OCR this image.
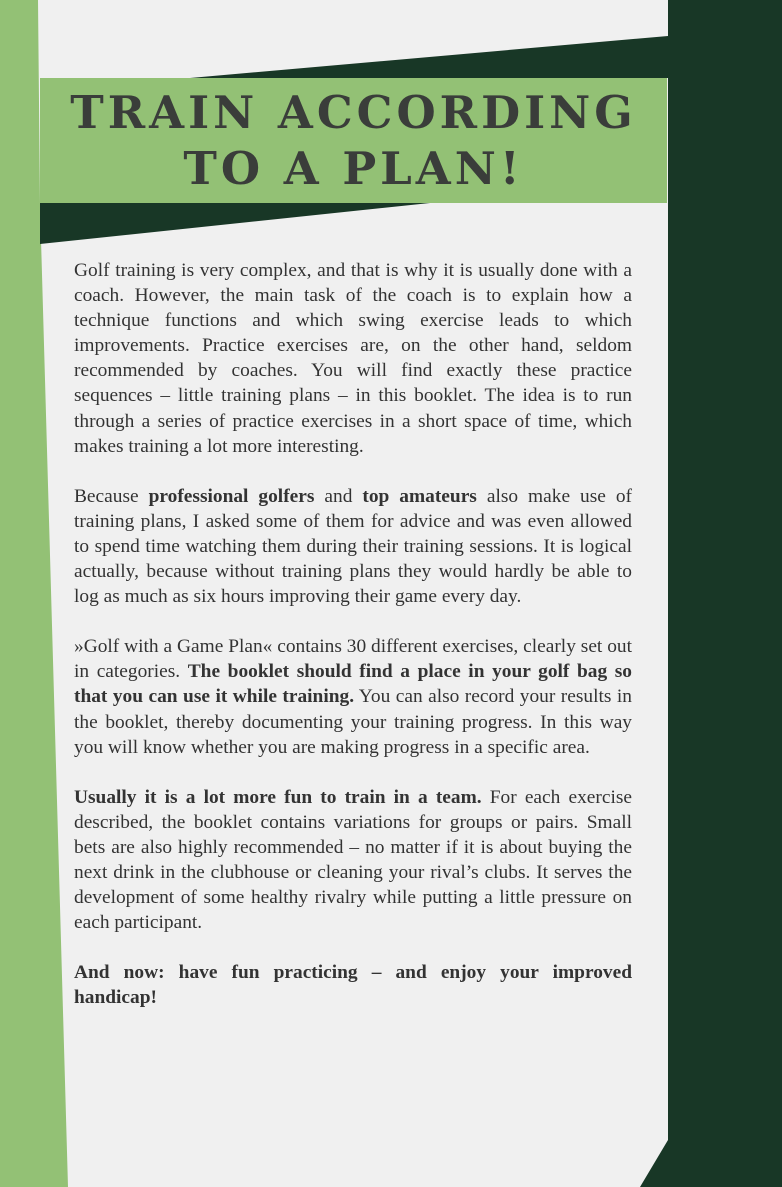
TRAIN ACCORDING
TO A PLAN!

Golf training is very complex, and that is why it is usually done with a coach. However, the main task of the coach is to explain how a technique functions and which swing exercise leads to which improvements. Practice exercises are, on the other hand, seldom recommended by coaches. You will find exactly these practice sequences – little training plans – in this booklet. The idea is to run through a series of practice exercises in a short space of time, which makes training a lot more interesting.

Because professional golfers and top amateurs also make use of training plans, I asked some of them for advice and was even allowed to spend time watching them during their training sessions. It is logical actually, because without training plans they would hardly be able to log as much as six hours improving their game every day.

»Golf with a Game Plan« contains 30 different exercises, clearly set out in categories. The booklet should find a place in your golf bag so that you can use it while training. You can also record your results in the booklet, thereby documenting your training progress. In this way you will know whether you are making progress in a specific area.

Usually it is a lot more fun to train in a team. For each exercise described, the booklet contains variations for groups or pairs. Small bets are also highly recommended – no matter if it is about buying the next drink in the clubhouse or cleaning your rival’s clubs. It serves the development of some healthy rivalry while putting a little pressure on each participant.

And now: have fun practicing – and enjoy your improved handicap!
